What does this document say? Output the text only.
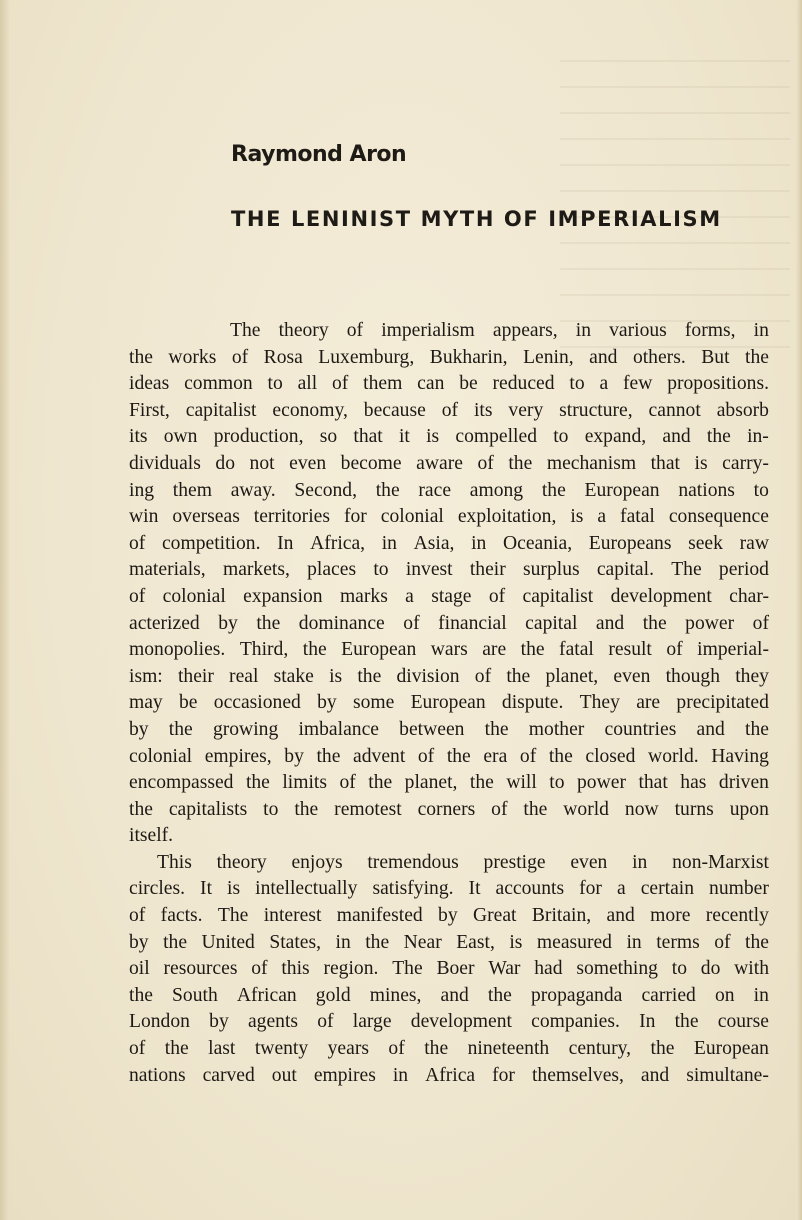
Raymond Aron
THE LENINIST MYTH OF IMPERIALISM
The theory of imperialism appears, in various forms, in
the works of Rosa Luxemburg, Bukharin, Lenin, and others. But the
ideas common to all of them can be reduced to a few propositions.
First, capitalist economy, because of its very structure, cannot absorb
its own production, so that it is compelled to expand, and the in-
dividuals do not even become aware of the mechanism that is carry-
ing them away. Second, the race among the European nations to
win overseas territories for colonial exploitation, is a fatal consequence
of competition. In Africa, in Asia, in Oceania, Europeans seek raw
materials, markets, places to invest their surplus capital. The period
of colonial expansion marks a stage of capitalist development char-
acterized by the dominance of financial capital and the power of
monopolies. Third, the European wars are the fatal result of imperial-
ism: their real stake is the division of the planet, even though they
may be occasioned by some European dispute. They are precipitated
by the growing imbalance between the mother countries and the
colonial empires, by the advent of the era of the closed world. Having
encompassed the limits of the planet, the will to power that has driven
the capitalists to the remotest corners of the world now turns upon
itself.
This theory enjoys tremendous prestige even in non-Marxist
circles. It is intellectually satisfying. It accounts for a certain number
of facts. The interest manifested by Great Britain, and more recently
by the United States, in the Near East, is measured in terms of the
oil resources of this region. The Boer War had something to do with
the South African gold mines, and the propaganda carried on in
London by agents of large development companies. In the course
of the last twenty years of the nineteenth century, the European
nations carved out empires in Africa for themselves, and simultane-
